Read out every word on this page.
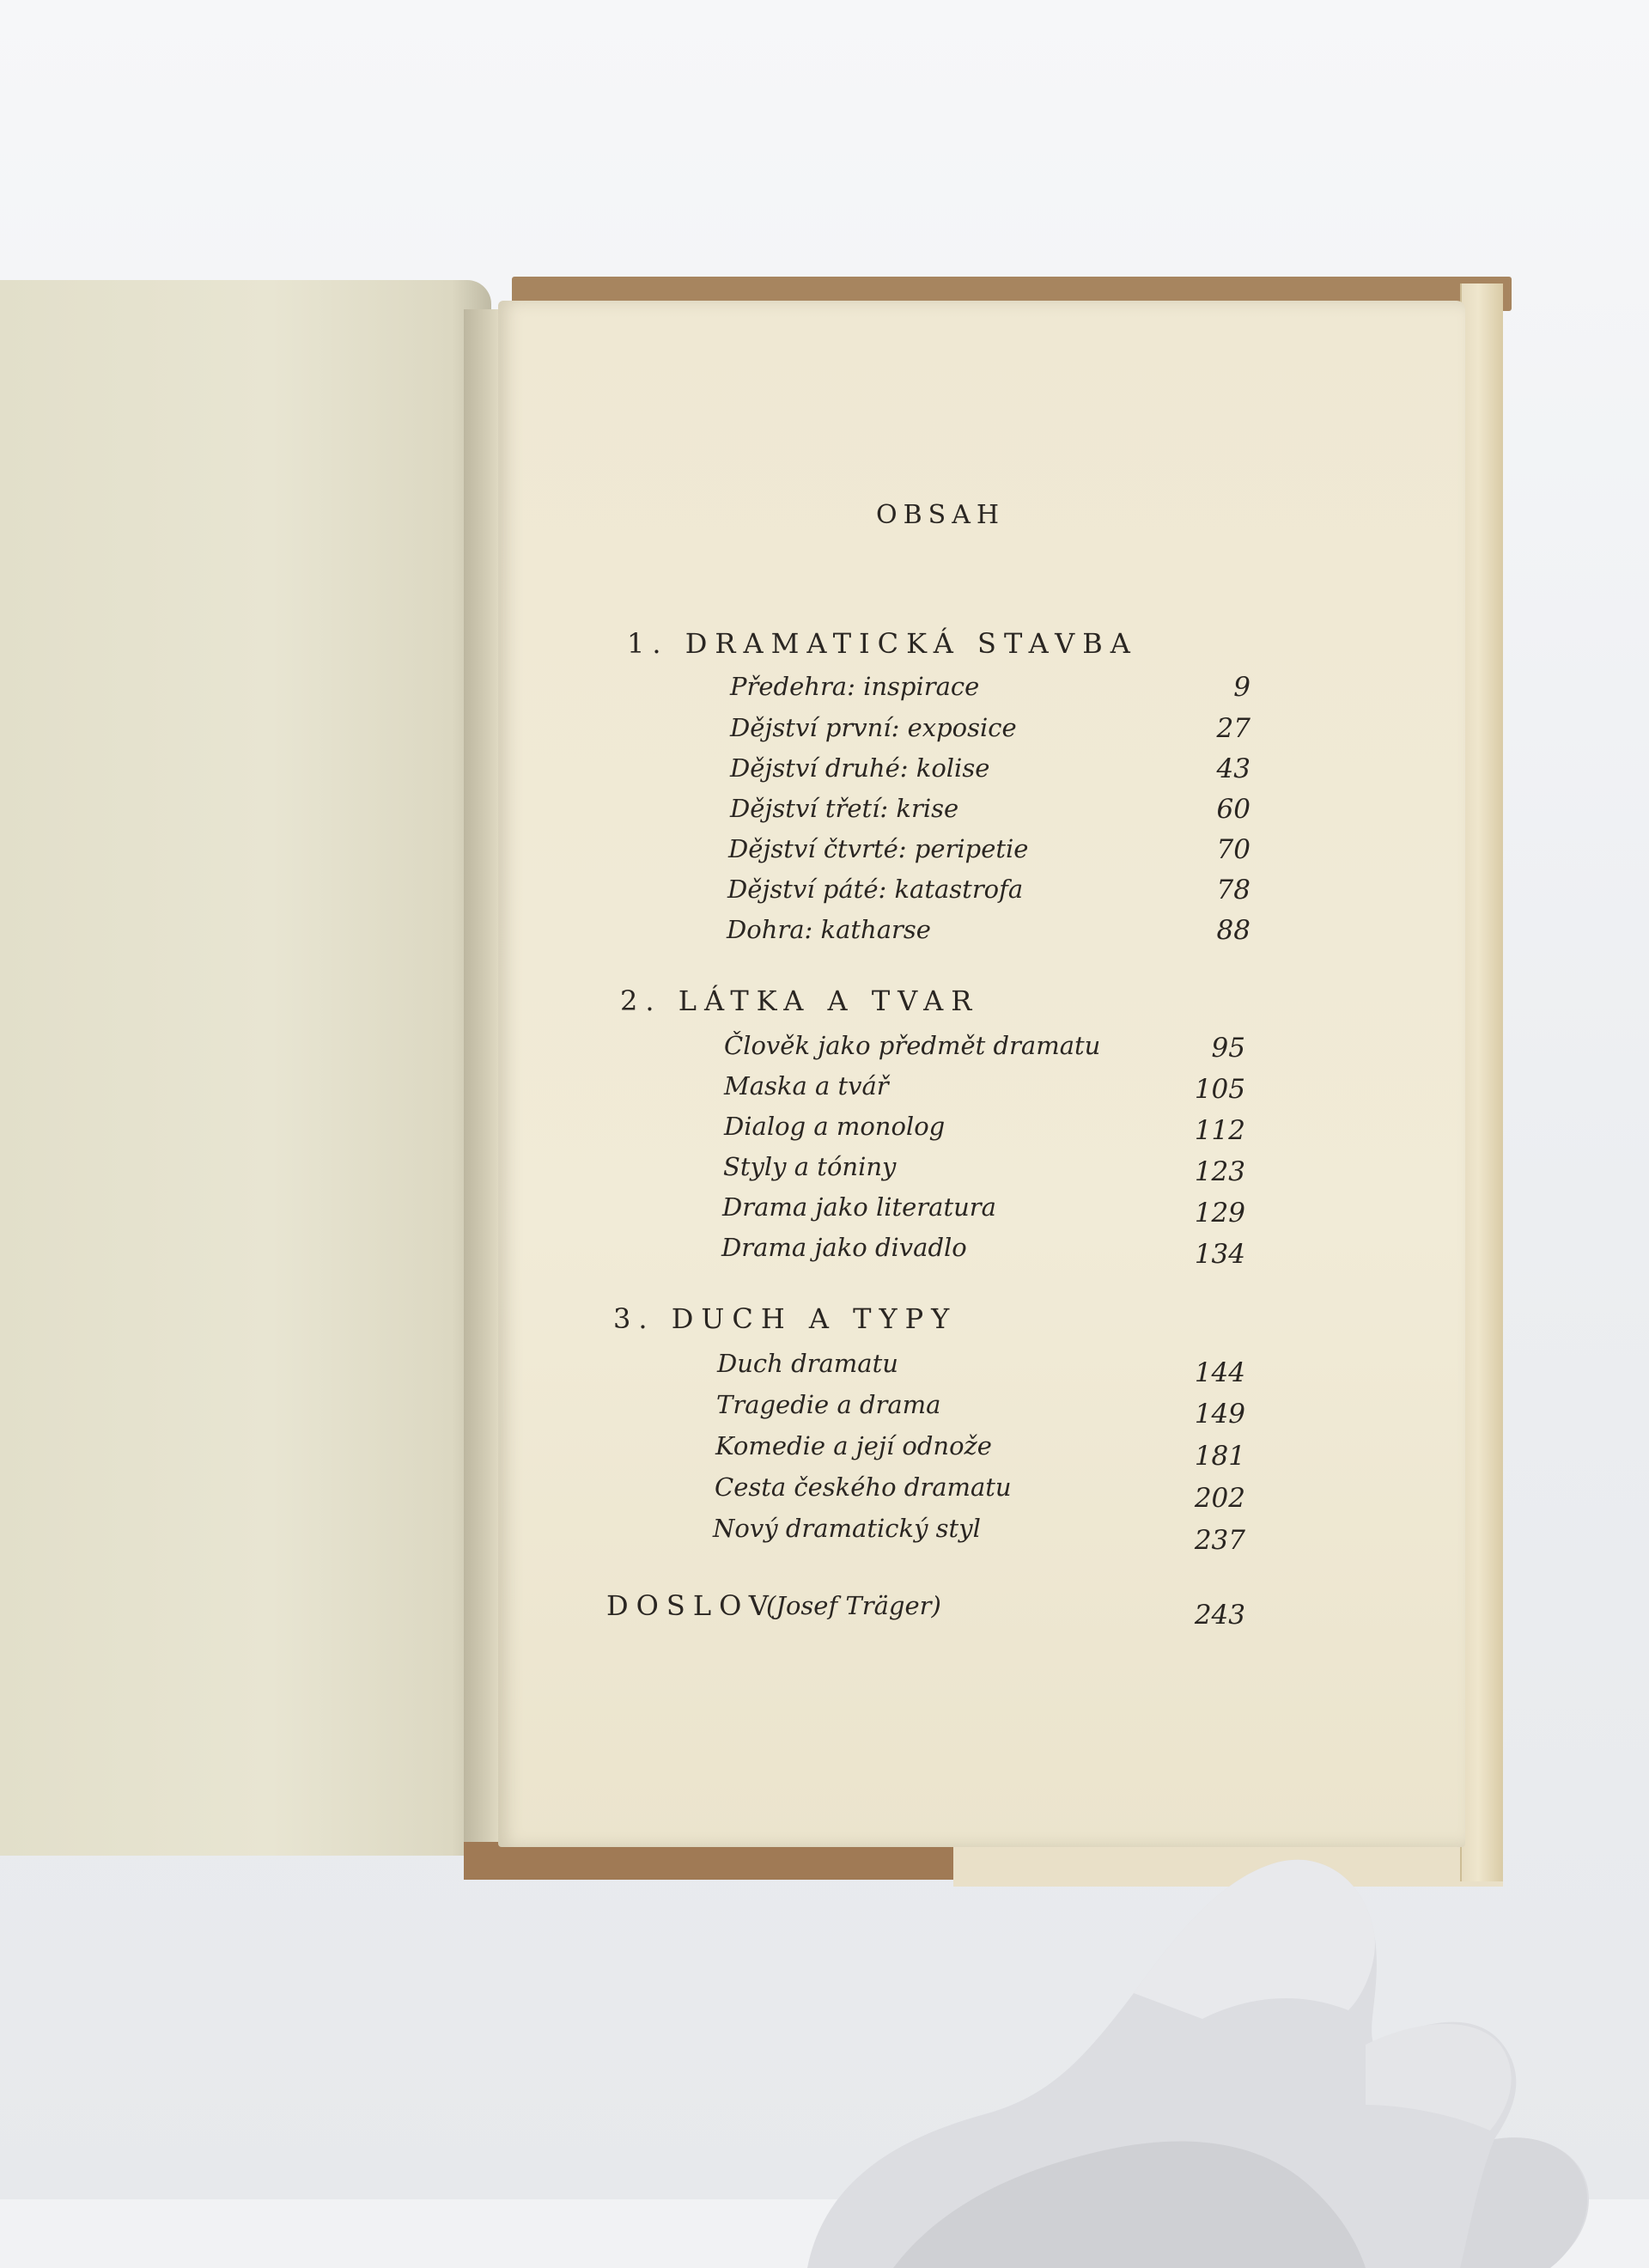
OBSAH
1. DRAMATICKÁ STAVBA
Předehra: inspirace	9
Dějství první: exposice	27
Dějství druhé: kolise	43
Dějství třetí: krise	60
Dějství čtvrté: peripetie	70
Dějství páté: katastrofa	78
Dohra: katharse	88
2. LÁTKA A TVAR
Člověk jako předmět dramatu	95
Maska a tvář	105
Dialog a monolog	112
Styly a tóniny	123
Drama jako literatura	129
Drama jako divadlo	134
3. DUCH A TYPY
Duch dramatu	144
Tragedie a drama	149
Komedie a její odnože	181
Cesta českého dramatu	202
Nový dramatický styl	237
DOSLOV
(Josef Träger)	243
